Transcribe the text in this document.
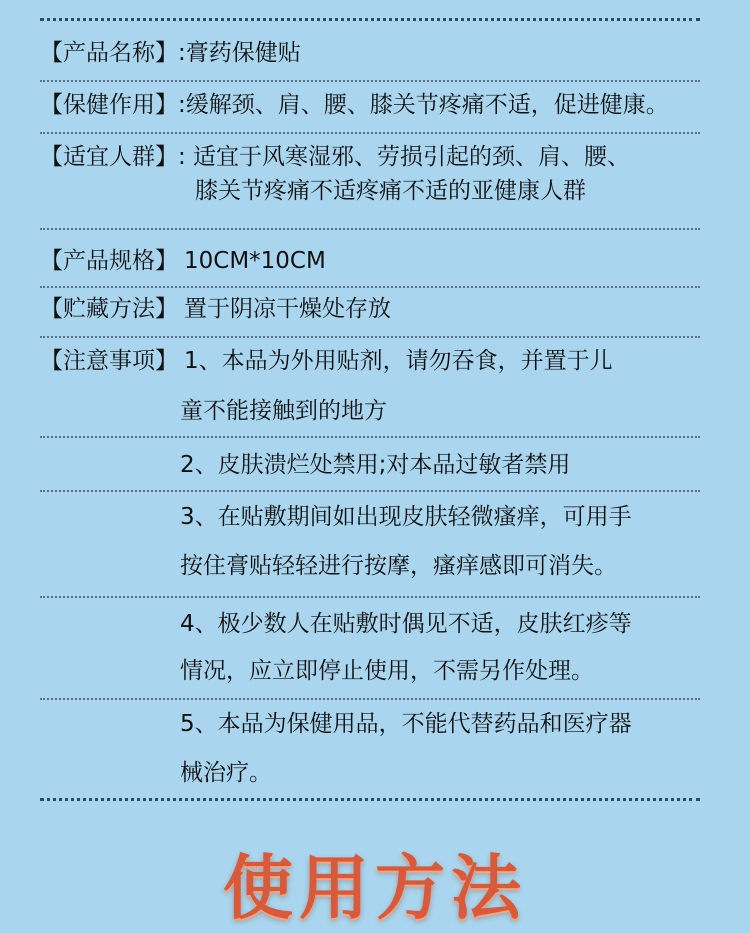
【产品名称】:膏药保健贴
【保健作用】:缓解颈、肩、腰、膝关节疼痛不适，促进健康。
【适宜人群】: 适宜于风寒湿邪、劳损引起的颈、肩、腰、
膝关节疼痛不适疼痛不适的亚健康人群
【产品规格】 10CM*10CM
【贮藏方法】 置于阴凉干燥处存放
【注意事项】 1、本品为外用贴剂，请勿吞食，并置于儿
童不能接触到的地方
2、皮肤溃烂处禁用;对本品过敏者禁用
3、在贴敷期间如出现皮肤轻微瘙痒，可用手
按住膏贴轻轻进行按摩，瘙痒感即可消失。
4、极少数人在贴敷时偶见不适，皮肤红疹等
情况，应立即停止使用，不需另作处理。
5、本品为保健用品，不能代替药品和医疗器
械治疗。
使用方法
